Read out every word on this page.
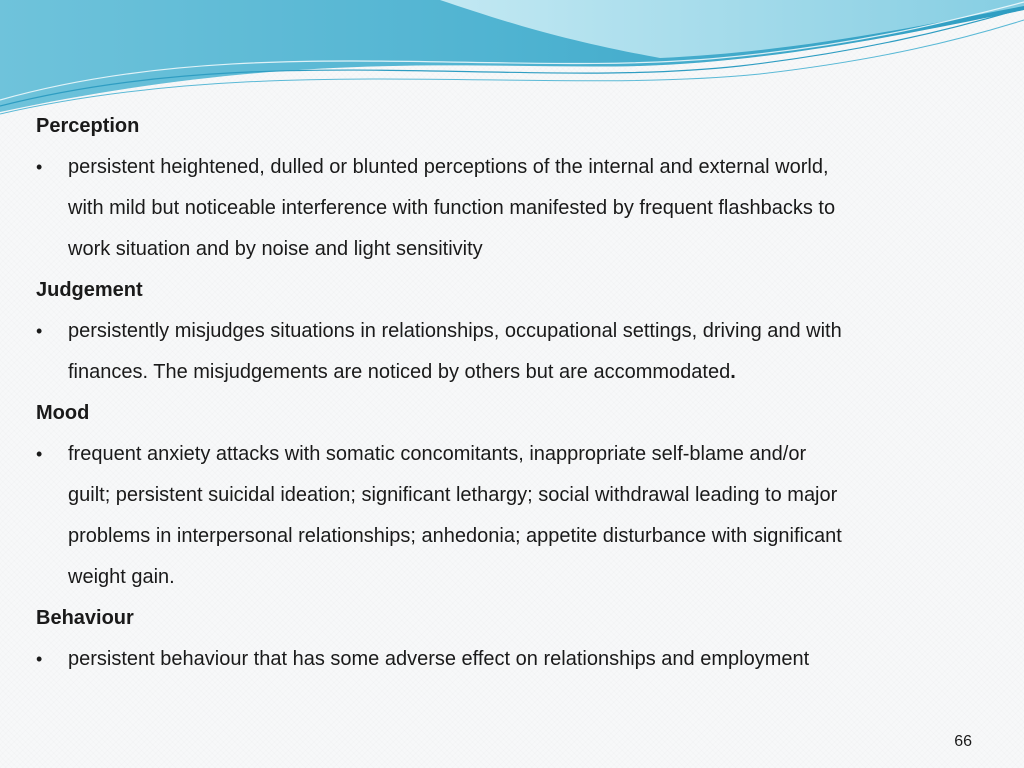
Perception
• persistent heightened, dulled or blunted perceptions of the internal and external world,
with mild but noticeable interference with function manifested by frequent flashbacks to
work situation and by noise and light sensitivity
Judgement
• persistently misjudges situations in relationships, occupational settings, driving and with
finances. The misjudgements are noticed by others but are accommodated.
Mood
• frequent anxiety attacks with somatic concomitants, inappropriate self-blame and/or
guilt; persistent suicidal ideation; significant lethargy; social withdrawal leading to major
problems in interpersonal relationships; anhedonia; appetite disturbance with significant
weight gain.
Behaviour
• persistent behaviour that has some adverse effect on relationships and employment
66
